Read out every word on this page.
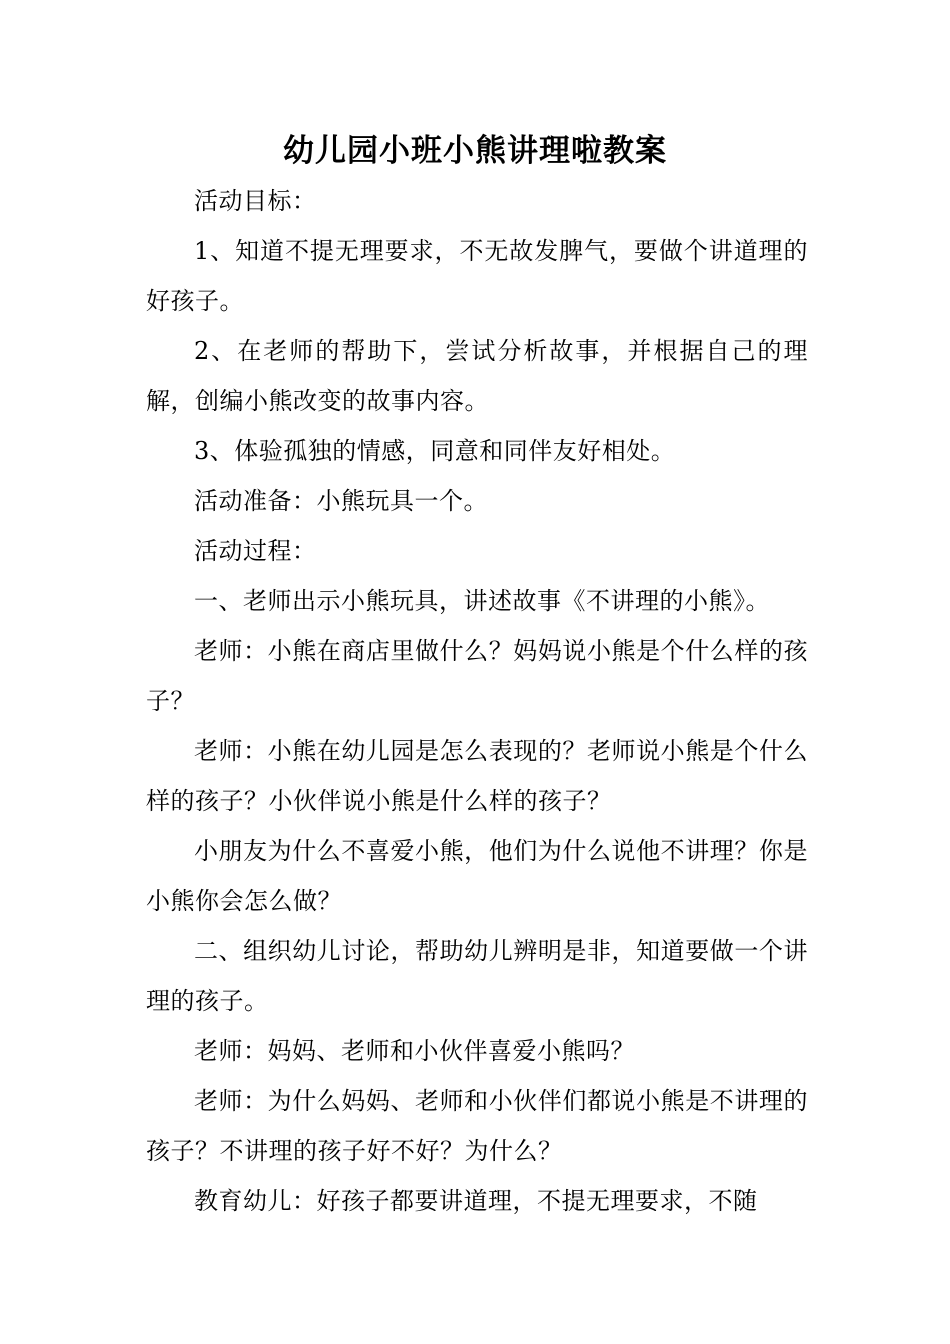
幼儿园小班小熊讲理啦教案

活动目标：

1、知道不提无理要求，不无故发脾气，要做个讲道理的好孩子。

2、在老师的帮助下，尝试分析故事，并根据自己的理解，创编小熊改变的故事内容。

3、体验孤独的情感，同意和同伴友好相处。

活动准备：小熊玩具一个。

活动过程：

一、老师出示小熊玩具，讲述故事《不讲理的小熊》。

老师：小熊在商店里做什么？妈妈说小熊是个什么样的孩子？

老师：小熊在幼儿园是怎么表现的？老师说小熊是个什么样的孩子？小伙伴说小熊是什么样的孩子？

小朋友为什么不喜爱小熊，他们为什么说他不讲理？你是小熊你会怎么做？

二、组织幼儿讨论，帮助幼儿辨明是非，知道要做一个讲理的孩子。

老师：妈妈、老师和小伙伴喜爱小熊吗？

老师：为什么妈妈、老师和小伙伴们都说小熊是不讲理的孩子？不讲理的孩子好不好？为什么？

教育幼儿：好孩子都要讲道理，不提无理要求，不随
